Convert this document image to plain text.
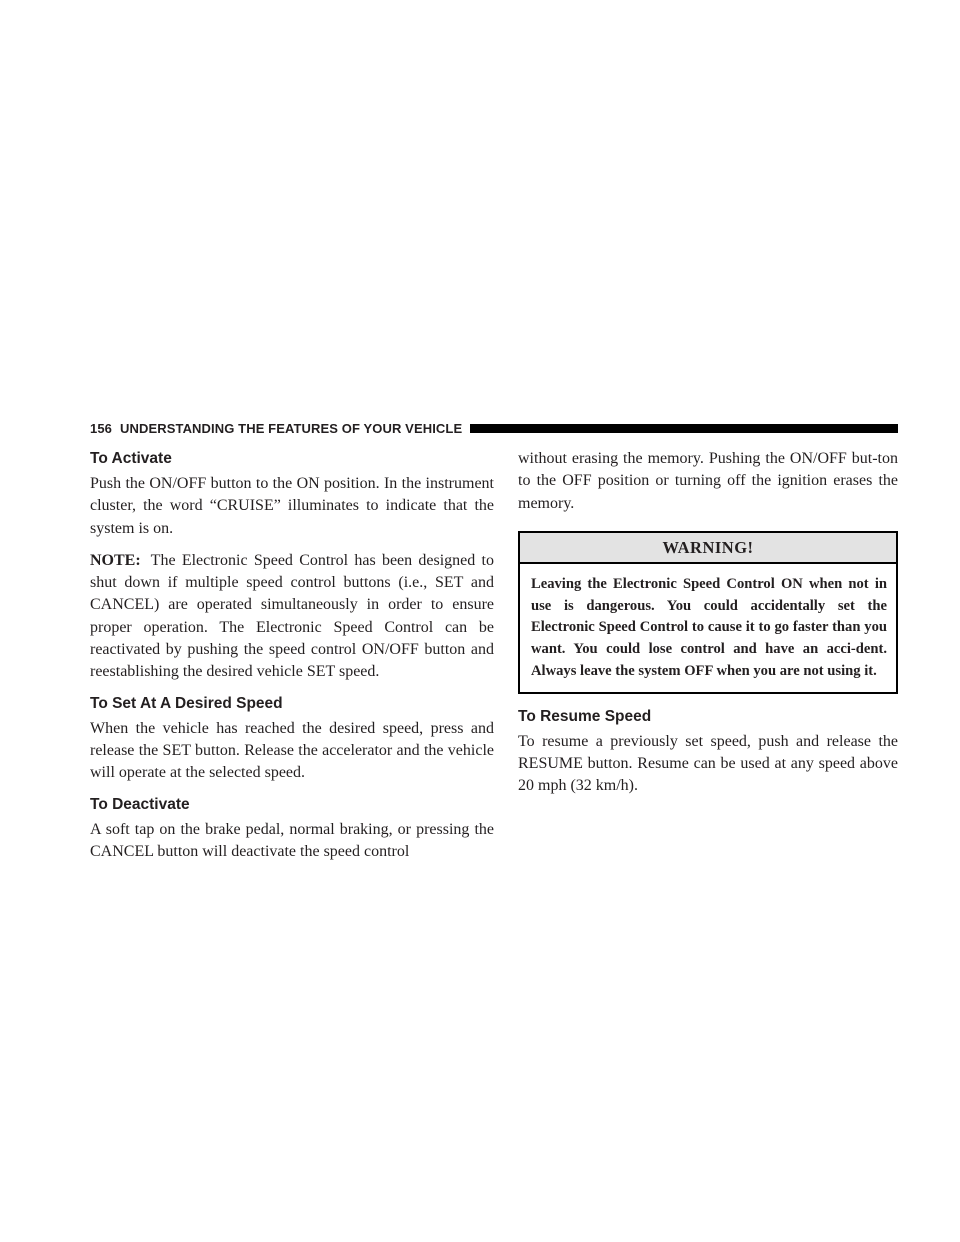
156 UNDERSTANDING THE FEATURES OF YOUR VEHICLE
To Activate

Push the ON/OFF button to the ON position. In the instrument cluster, the word “CRUISE” illuminates to indicate that the system is on.

NOTE: The Electronic Speed Control has been designed to shut down if multiple speed control buttons (i.e., SET and CANCEL) are operated simultaneously in order to ensure proper operation. The Electronic Speed Control can be reactivated by pushing the speed control ON/OFF button and reestablishing the desired vehicle SET speed.

To Set At A Desired Speed

When the vehicle has reached the desired speed, press and release the SET button. Release the accelerator and the vehicle will operate at the selected speed.

To Deactivate

A soft tap on the brake pedal, normal braking, or pressing the CANCEL button will deactivate the speed control

without erasing the memory. Pushing the ON/OFF but-ton to the OFF position or turning off the ignition erases the memory.

WARNING!
Leaving the Electronic Speed Control ON when not in use is dangerous. You could accidentally set the Electronic Speed Control to cause it to go faster than you want. You could lose control and have an acci-dent. Always leave the system OFF when you are not using it.
To Resume Speed

To resume a previously set speed, push and release the RESUME button. Resume can be used at any speed above 20 mph (32 km/h).
